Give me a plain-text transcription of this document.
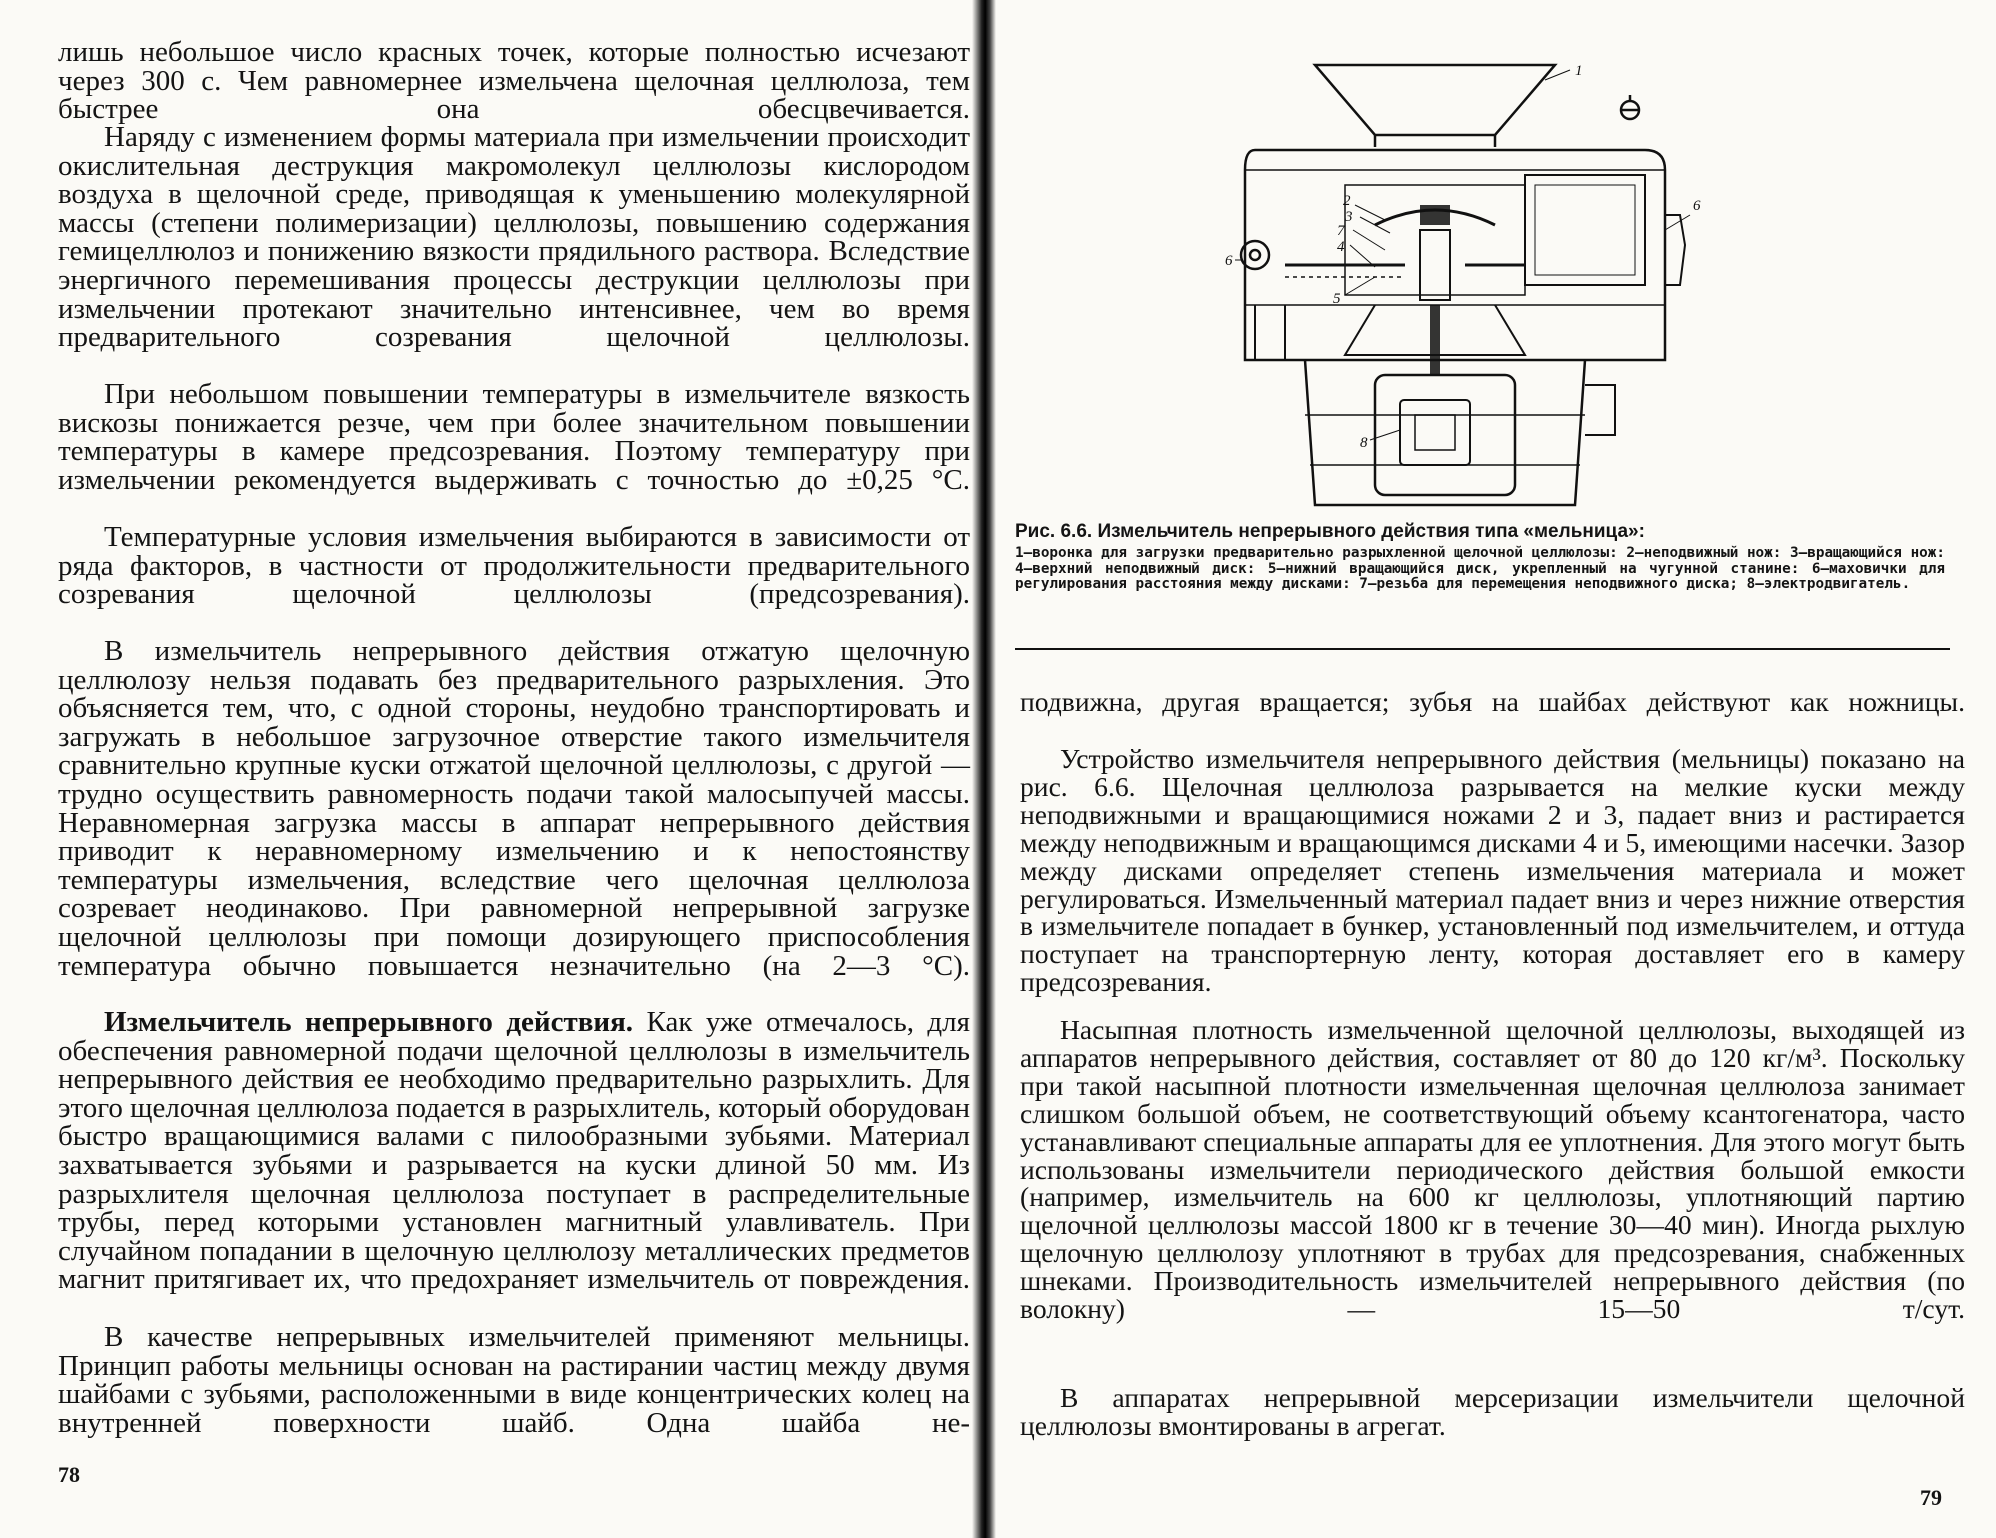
лишь небольшое число красных точек, которые полностью исчезают через 300 с. Чем равномернее измельчена щелочная целлюлоза, тем быстрее она обесцвечивается.

Наряду с изменением формы материала при измельчении происходит окислительная деструкция макромолекул целлюлозы кислородом воздуха в щелочной среде, приводящая к уменьшению молекулярной массы (степени полимеризации) целлюлозы, повышению содержания гемицеллюлоз и понижению вязкости прядильного раствора. Вследствие энергичного перемешивания процессы деструкции целлюлозы при измельчении протекают значительно интенсивнее, чем во время предварительного созревания щелочной целлюлозы.

При небольшом повышении температуры в измельчителе вязкость вискозы понижается резче, чем при более значительном повышении температуры в камере предсозревания. Поэтому температуру при измельчении рекомендуется выдерживать с точностью до ±0,25 °С.

Температурные условия измельчения выбираются в зависимости от ряда факторов, в частности от продолжительности предварительного созревания щелочной целлюлозы (предсозревания).

В измельчитель непрерывного действия отжатую щелочную целлюлозу нельзя подавать без предварительного разрыхления. Это объясняется тем, что, с одной стороны, неудобно транспортировать и загружать в небольшое загрузочное отверстие такого измельчителя сравнительно крупные куски отжатой щелочной целлюлозы, с другой — трудно осуществить равномерность подачи такой малосыпучей массы. Неравномерная загрузка массы в аппарат непрерывного действия приводит к неравномерному измельчению и к непостоянству температуры измельчения, вследствие чего щелочная целлюлоза созревает неодинаково. При равномерной непрерывной загрузке щелочной целлюлозы при помощи дозирующего приспособления температура обычно повышается незначительно (на 2—3 °С).

Измельчитель непрерывного действия. Как уже отмечалось, для обеспечения равномерной подачи щелочной целлюлозы в измельчитель непрерывного действия ее необходимо предварительно разрыхлить. Для этого щелочная целлюлоза подается в разрыхлитель, который оборудован быстро вращающимися валами с пилообразными зубьями. Материал захватывается зубьями и разрывается на куски длиной 50 мм. Из разрыхлителя щелочная целлюлоза поступает в распределительные трубы, перед которыми установлен магнитный улавливатель. При случайном попадании в щелочную целлюлозу металлических предметов магнит притягивает их, что предохраняет измельчитель от повреждения.

В качестве непрерывных измельчителей применяют мельницы. Принцип работы мельницы основан на растирании частиц между двумя шайбами с зубьями, расположенными в виде концентрических колец на внутренней поверхности шайб. Одна шайба не-

78
1
2
3
7
4
5
6
6
8

Рис. 6.6. Измельчитель непрерывного действия типа «мельница»:

1—воронка для загрузки предварительно разрыхленной щелочной целлюлозы: 2—неподвижный нож: 3—вращающийся нож: 4—верхний неподвижный диск: 5—нижний вращающийся диск, укрепленный на чугунной станине: 6—маховички для регулирования расстояния между дисками: 7—резьба для перемещения неподвижного диска; 8—электродвигатель.

подвижна, другая вращается; зубья на шайбах действуют как ножницы.

Устройство измельчителя непрерывного действия (мельницы) показано на рис. 6.6. Щелочная целлюлоза разрывается на мелкие куски между неподвижными и вращающимися ножами 2 и 3, падает вниз и растирается между неподвижным и вращающимся дисками 4 и 5, имеющими насечки. Зазор между дисками определяет степень измельчения материала и может регулироваться. Измельченный материал падает вниз и через нижние отверстия в измельчителе попадает в бункер, установленный под измельчителем, и оттуда поступает на транспортерную ленту, которая доставляет его в камеру предсозревания.

Насыпная плотность измельченной щелочной целлюлозы, выходящей из аппаратов непрерывного действия, составляет от 80 до 120 кг/м³. Поскольку при такой насыпной плотности измельченная щелочная целлюлоза занимает слишком большой объем, не соответствующий объему ксантогенатора, часто устанавливают специальные аппараты для ее уплотнения. Для этого могут быть использованы измельчители периодического действия большой емкости (например, измельчитель на 600 кг целлюлозы, уплотняющий партию щелочной целлюлозы массой 1800 кг в течение 30—40 мин). Иногда рыхлую щелочную целлюлозу уплотняют в трубах для предсозревания, снабженных шнеками. Производительность измельчителей непрерывного действия (по волокну) — 15—50 т/сут.

В аппаратах непрерывной мерсеризации измельчители щелочной целлюлозы вмонтированы в агрегат.

79
